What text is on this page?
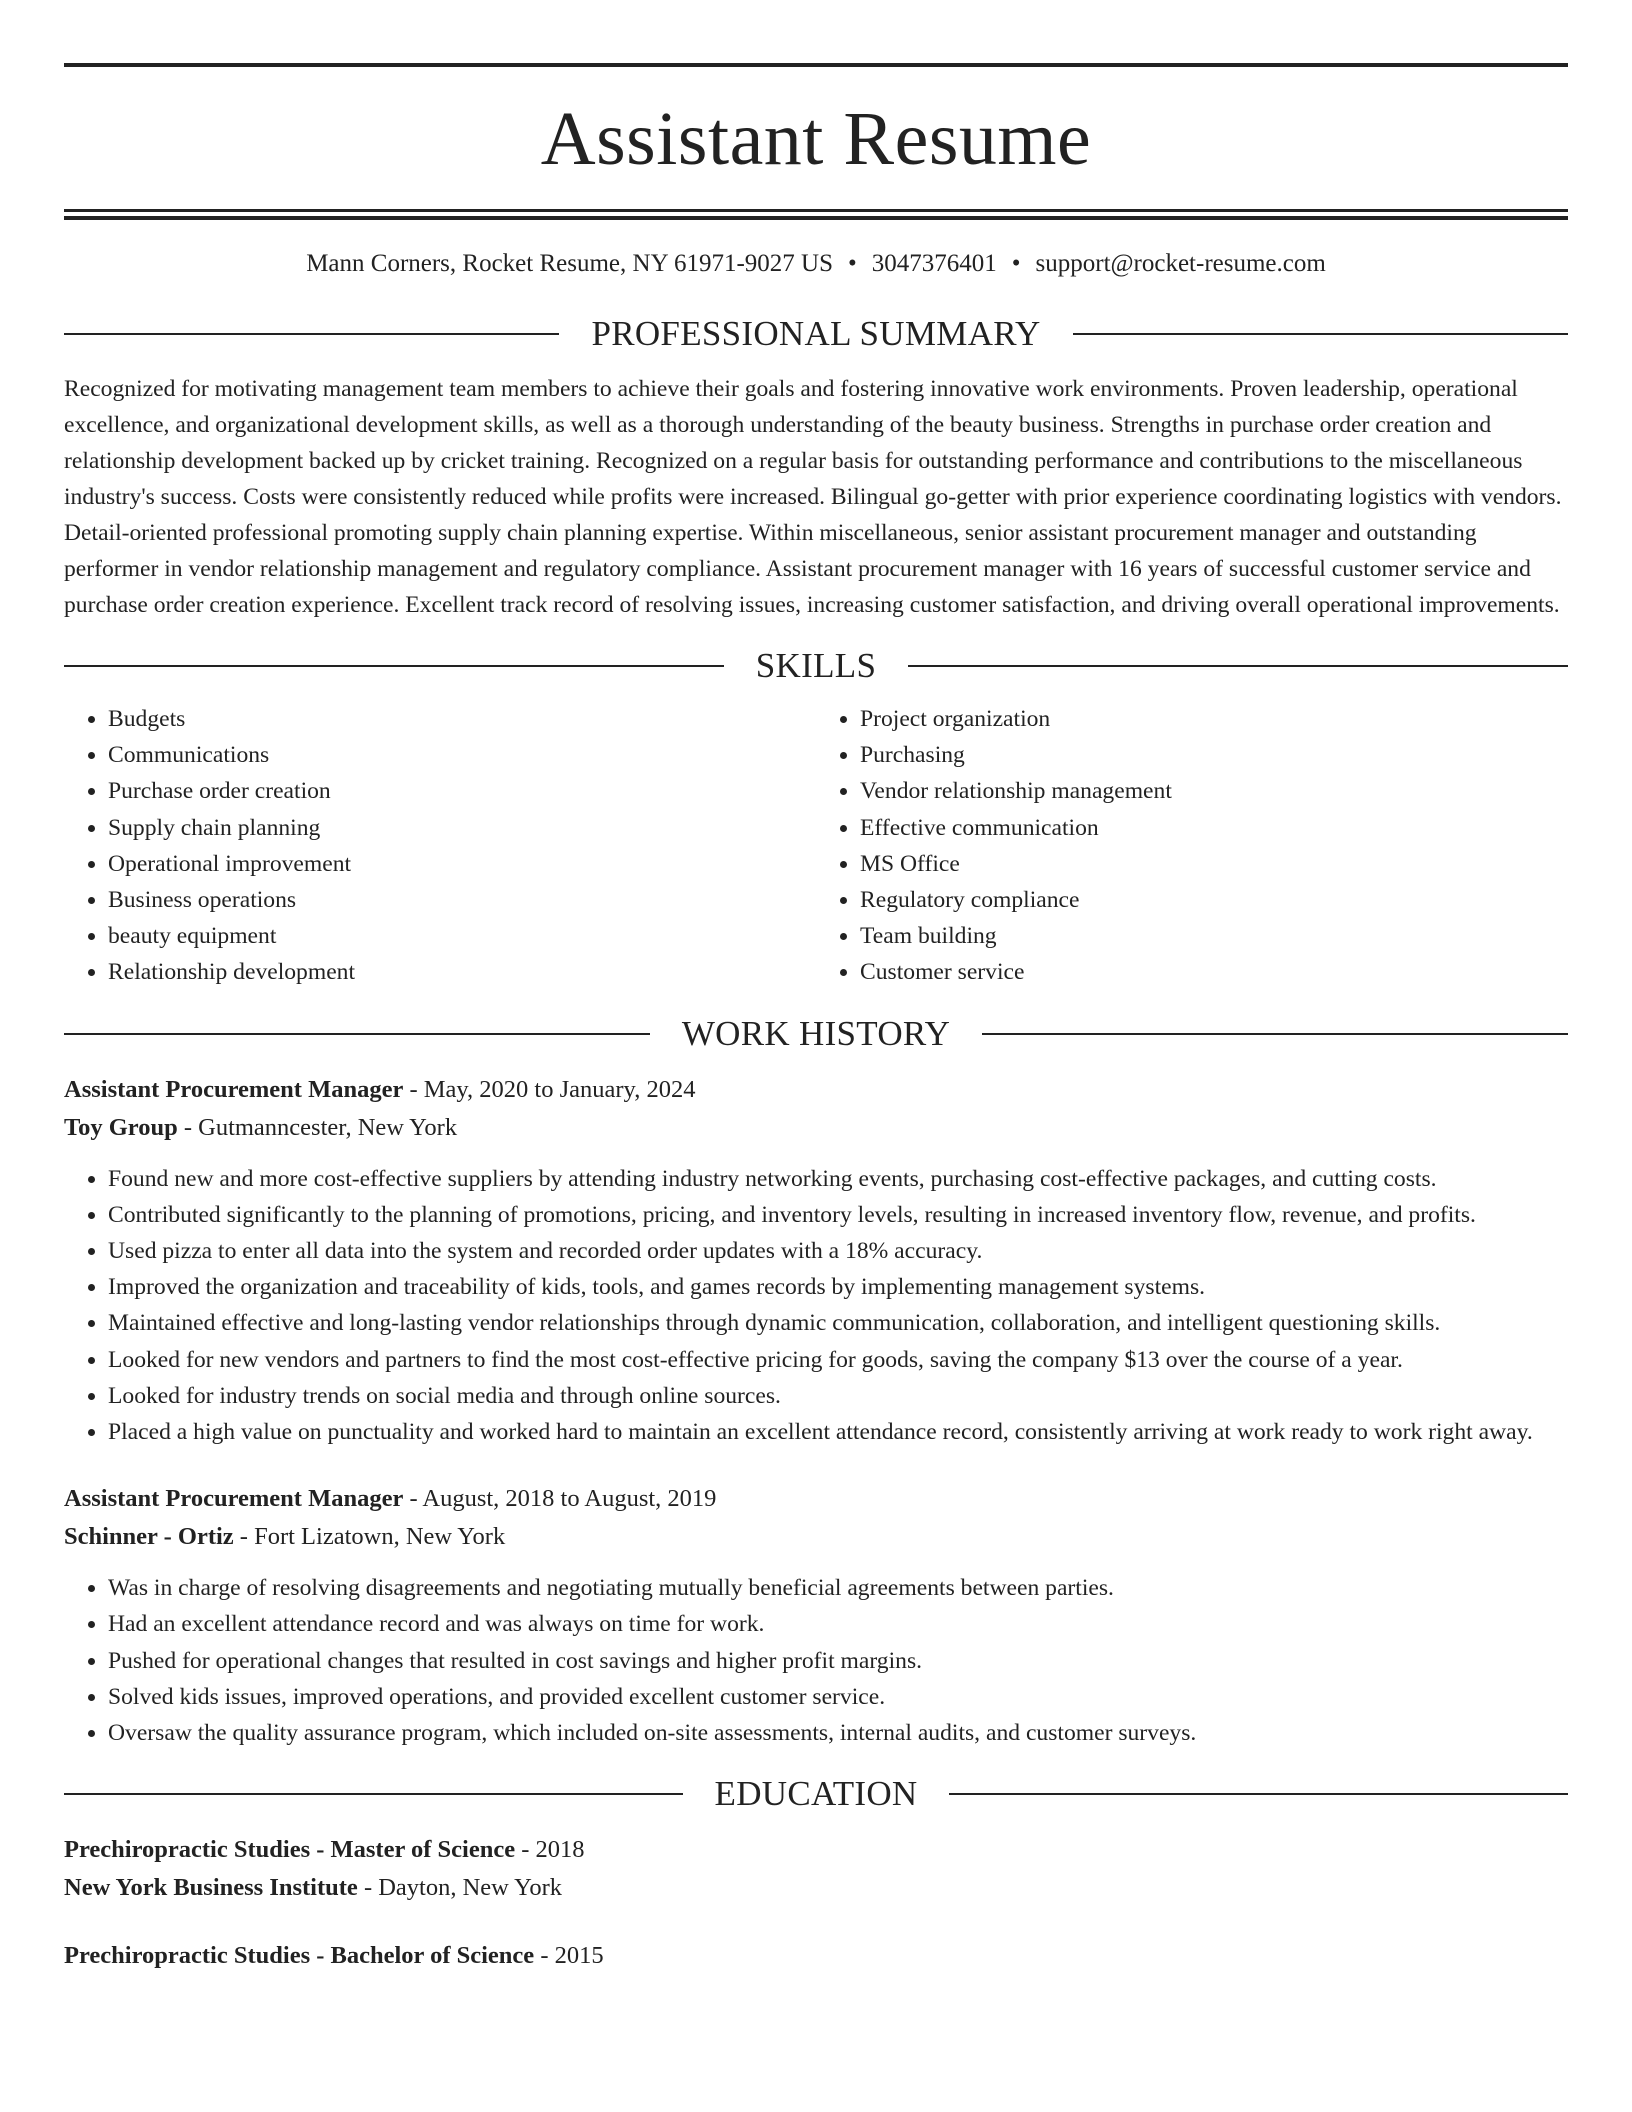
Assistant Resume
Mann Corners, Rocket Resume, NY 61971-9027 US • 3047376401 • support@rocket-resume.com
PROFESSIONAL SUMMARY

Recognized for motivating management team members to achieve their goals and fostering innovative work environments. Proven leadership, operational excellence, and organizational development skills, as well as a thorough understanding of the beauty business. Strengths in purchase order creation and relationship development backed up by cricket training. Recognized on a regular basis for outstanding performance and contributions to the miscellaneous industry's success. Costs were consistently reduced while profits were increased. Bilingual go-getter with prior experience coordinating logistics with vendors. Detail-oriented professional promoting supply chain planning expertise. Within miscellaneous, senior assistant procurement manager and outstanding performer in vendor relationship management and regulatory compliance. Assistant procurement manager with 16 years of successful customer service and purchase order creation experience. Excellent track record of resolving issues, increasing customer satisfaction, and driving overall operational improvements.

SKILLS
• Budgets
• Communications
• Purchase order creation
• Supply chain planning
• Operational improvement
• Business operations
• beauty equipment
• Relationship development
• Project organization
• Purchasing
• Vendor relationship management
• Effective communication
• MS Office
• Regulatory compliance
• Team building
• Customer service
WORK HISTORY
Assistant Procurement Manager - May, 2020 to January, 2024
Toy Group - Gutmanncester, New York
• Found new and more cost-effective suppliers by attending industry networking events, purchasing cost-effective packages, and cutting costs.
• Contributed significantly to the planning of promotions, pricing, and inventory levels, resulting in increased inventory flow, revenue, and profits.
• Used pizza to enter all data into the system and recorded order updates with a 18% accuracy.
• Improved the organization and traceability of kids, tools, and games records by implementing management systems.
• Maintained effective and long-lasting vendor relationships through dynamic communication, collaboration, and intelligent questioning skills.
• Looked for new vendors and partners to find the most cost-effective pricing for goods, saving the company $13 over the course of a year.
• Looked for industry trends on social media and through online sources.
• Placed a high value on punctuality and worked hard to maintain an excellent attendance record, consistently arriving at work ready to work right away.
Assistant Procurement Manager - August, 2018 to August, 2019
Schinner - Ortiz - Fort Lizatown, New York
• Was in charge of resolving disagreements and negotiating mutually beneficial agreements between parties.
• Had an excellent attendance record and was always on time for work.
• Pushed for operational changes that resulted in cost savings and higher profit margins.
• Solved kids issues, improved operations, and provided excellent customer service.
• Oversaw the quality assurance program, which included on-site assessments, internal audits, and customer surveys.
EDUCATION
Prechiropractic Studies - Master of Science - 2018
New York Business Institute - Dayton, New York
Prechiropractic Studies - Bachelor of Science - 2015
